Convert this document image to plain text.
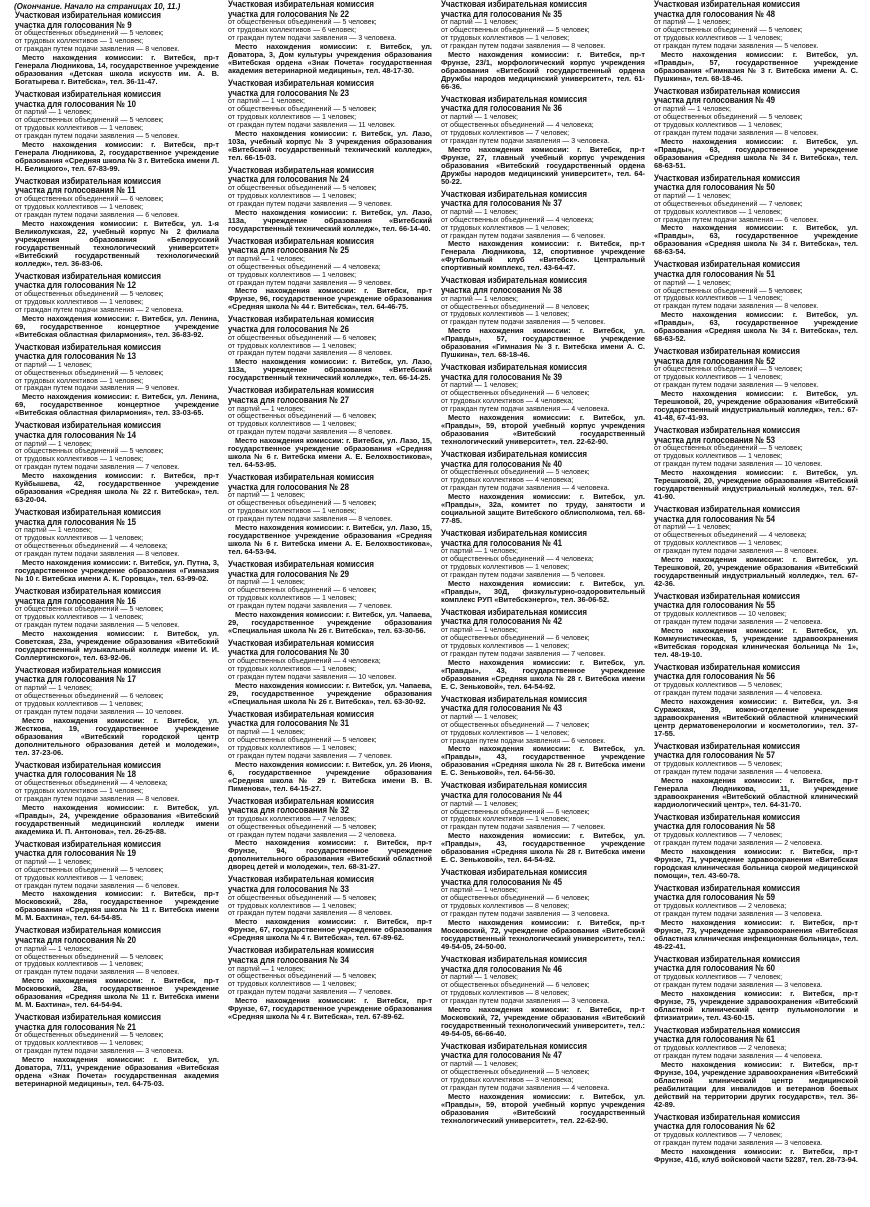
(Окончание. Начало на страницах 10, 11.)
Участковая избирательная комиссия
участка для голосования № 9
от общественных объединений — 5 человек;
от трудовых коллективов — 1 человек;
от граждан путем подачи заявления — 8 человек.
Место нахождения комиссии: г. Витебск, пр-т Генерала Людникова, 14, государственное учреждение образования «Детская школа искусств им. А. В. Богатырева г. Витебска», тел. 36-11-47.
Участковая избирательная комиссия
участка для голосования № 10
от партий — 1 человек;
от общественных объединений — 5 человек;
от трудовых коллективов — 1 человек;
от граждан путем подачи заявления — 5 человек.
Место нахождения комиссии: г. Витебск, пр-т Генерала Людникова, 2, государственное учреждение образования «Средняя школа № 3 г. Витебска имени Л. Н. Белицкого», тел. 67-83-99.
Участковая избирательная комиссия
участка для голосования № 11
от общественных объединений — 6 человек;
от трудовых коллективов — 1 человек;
от граждан путем подачи заявления — 6 человек.
Место нахождения комиссии: г. Витебск, ул. 1-я Великолукская, 22, учебный корпус № 2 филиала учреждения образования «Белорусский государственный технологический университет» «Витебский государственный технологический колледж», тел. 36-83-06.
Участковая избирательная комиссия
участка для голосования № 12
от общественных объединений — 5 человек;
от трудовых коллективов — 1 человек;
от граждан путем подачи заявления — 2 человека.
Место нахождения комиссии: г. Витебск, ул. Ленина, 69, государственное концертное учреждение «Витебская областная филармония», тел. 36-83-92.
Участковая избирательная комиссия
участка для голосования № 13
от партий — 1 человек;
от общественных объединений — 5 человек;
от трудовых коллективов — 1 человек;
от граждан путем подачи заявления — 9 человек.
Место нахождения комиссии: г. Витебск, ул. Ленина, 69, государственное концертное учреждение «Витебская областная филармония», тел. 33-03-65.
Участковая избирательная комиссия
участка для голосования № 14
от партий — 1 человек;
от общественных объединений — 5 человек;
от трудовых коллективов — 1 человек;
от граждан путем подачи заявления — 7 человек.
Место нахождения комиссии: г. Витебск, пр-т Куйбышева, 42, государственное учреждение образования «Средняя школа № 22 г. Витебска», тел. 63-20-04.
Участковая избирательная комиссия
участка для голосования № 15
от партий — 1 человек;
от трудовых коллективов — 1 человек;
от общественных объединений — 4 человека;
от граждан путем подачи заявления — 8 человек.
Место нахождения комиссии: г. Витебск, ул. Путна, 3, государственное учреждение образования «Гимназия № 10 г. Витебска имени А. К. Горовца», тел. 63-99-02.
Участковая избирательная комиссия
участка для голосования № 16
от общественных объединений — 5 человек;
от трудовых коллективов — 1 человек;
от граждан путем подачи заявления — 5 человек.
Место нахождения комиссии: г. Витебск, ул. Советская, 23а, учреждение образования «Витебский государственный музыкальный колледж имени И. И. Соллертинского», тел. 63-92-06.
Участковая избирательная комиссия
участка для голосования № 17
от партий — 1 человек;
от общественных объединений — 6 человек;
от трудовых коллективов — 1 человек;
от граждан путем подачи заявления — 10 человек.
Место нахождения комиссии: г. Витебск, ул. Жесткова, 19, государственное учреждение образования «Витебский городской центр дополнительного образования детей и молодежи», тел. 37-23-06.
Участковая избирательная комиссия
участка для голосования № 18
от общественных объединений — 4 человека;
от трудовых коллективов — 1 человек;
от граждан путем подачи заявления — 8 человек.
Место нахождения комиссии: г. Витебск, ул. «Правды», 24, учреждение образования «Витебский государственный медицинский колледж имени академика И. П. Антонова», тел. 26-25-88.
Участковая избирательная комиссия
участка для голосования № 19
от партий — 1 человек;
от общественных объединений — 5 человек;
от трудовых коллективов — 1 человек;
от граждан путем подачи заявления — 6 человек.
Место нахождения комиссии: г. Витебск, пр-т Московский, 28а, государственное учреждение образования «Средняя школа № 11 г. Витебска имени М. М. Бахтина», тел. 64-54-85.
Участковая избирательная комиссия
участка для голосования № 20
от партий — 1 человек;
от общественных объединений — 5 человек;
от трудовых коллективов — 1 человек;
от граждан путем подачи заявления — 8 человек.
Место нахождения комиссии: г. Витебск, пр-т Московский, 28а, государственное учреждение образования «Средняя школа № 11 г. Витебска имени М. М. Бахтина», тел. 64-54-94.
Участковая избирательная комиссия
участка для голосования № 21
от общественных объединений — 5 человек;
от трудовых коллективов — 1 человек;
от граждан путем подачи заявления — 3 человека.
Место нахождения комиссии: г. Витебск, ул. Доватора, 7/11, учреждение образования «Витебская ордена «Знак Почета» государственная академия ветеринарной медицины», тел. 64-75-03.
Участковая избирательная комиссия
участка для голосования № 22
от общественных объединений — 5 человек;
от трудовых коллективов — 6 человек;
от граждан путем подачи заявления — 3 человека.
Место нахождения комиссии: г. Витебск, ул. Доватора, 3, Дом культуры учреждения образования «Витебская ордена «Знак Почета» государственная академия ветеринарной медицины», тел. 48-17-30.
Участковая избирательная комиссия
участка для голосования № 23
от партий — 1 человек;
от общественных объединений — 5 человек;
от трудовых коллективов — 1 человек;
от граждан путем подачи заявления — 11 человек.
Место нахождения комиссии: г. Витебск, ул. Лазо, 103а, учебный корпус № 3 учреждения образования «Витебский государственный технический колледж», тел. 66-15-03.
Участковая избирательная комиссия
участка для голосования № 24
от общественных объединений — 5 человек;
от трудовых коллективов — 1 человек;
от граждан путем подачи заявления — 9 человек.
Место нахождения комиссии: г. Витебск, ул. Лазо, 113а, учреждение образования «Витебский государственный технический колледж», тел. 66-14-40.
Участковая избирательная комиссия
участка для голосования № 25
от партий — 1 человек;
от общественных объединений — 4 человека;
от трудовых коллективов — 1 человек;
от граждан путем подачи заявления — 9 человек.
Место нахождения комиссии: г. Витебск, пр-т Фрунзе, 96, государственное учреждение образования «Средняя школа № 44 г. Витебска», тел. 64-46-75.
Участковая избирательная комиссия
участка для голосования № 26
от общественных объединений — 6 человек;
от трудовых коллективов — 1 человек;
от граждан путем подачи заявления — 8 человек.
Место нахождения комиссии: г. Витебск, ул. Лазо, 113а, учреждение образования «Витебский государственный технический колледж», тел. 66-14-25.
Участковая избирательная комиссия
участка для голосования № 27
от партий — 1 человек;
от общественных объединений — 6 человек;
от трудовых коллективов — 1 человек;
от граждан путем подачи заявления — 8 человек.
Место нахождения комиссии: г. Витебск, ул. Лазо, 15, государственное учреждение образования «Средняя школа № 6 г. Витебска имени А. Е. Белохвостикова», тел. 64-53-95.
Участковая избирательная комиссия
участка для голосования № 28
от партий — 1 человек;
от общественных объединений — 5 человек;
от трудовых коллективов — 1 человек;
от граждан путем подачи заявления — 8 человек.
Место нахождения комиссии: г. Витебск, ул. Лазо, 15, государственное учреждение образования «Средняя школа № 6 г. Витебска имени А. Е. Белохвостикова», тел. 64-53-94.
Участковая избирательная комиссия
участка для голосования № 29
от партий — 1 человек;
от общественных объединений — 6 человек;
от трудовых коллективов — 1 человек;
от граждан путем подачи заявления — 7 человек.
Место нахождения комиссии: г. Витебск, ул. Чапаева, 29, государственное учреждение образования «Специальная школа № 26 г. Витебска», тел. 63-30-56.
Участковая избирательная комиссия
участка для голосования № 30
от общественных объединений — 4 человека;
от трудовых коллективов — 1 человек;
от граждан путем подачи заявления — 10 человек.
Место нахождения комиссии: г. Витебск, ул. Чапаева, 29, государственное учреждение образования «Специальная школа № 26 г. Витебска», тел. 63-30-92.
Участковая избирательная комиссия
участка для голосования № 31
от партий — 1 человек;
от общественных объединений — 5 человек;
от трудовых коллективов — 1 человек;
от граждан путем подачи заявления — 7 человек.
Место нахождения комиссии: г. Витебск, ул. 26 Июня, 6, государственное учреждение образования «Средняя школа № 29 г. Витебска имени В. В. Пименова», тел. 64-15-27.
Участковая избирательная комиссия
участка для голосования № 32
от трудовых коллективов — 7 человек;
от общественных объединений — 5 человек;
от граждан путем подачи заявления — 2 человека.
Место нахождения комиссии: г. Витебск, пр-т Фрунзе, 94, государственное учреждение дополнительного образования «Витебский областной дворец детей и молодежи», тел. 68-31-27.
Участковая избирательная комиссия
участка для голосования № 33
от общественных объединений — 5 человек;
от трудовых коллективов — 1 человек;
от граждан путем подачи заявления — 8 человек.
Место нахождения комиссии: г. Витебск, пр-т Фрунзе, 67, государственное учреждение образования «Средняя школа № 4 г. Витебска», тел. 67-89-62.
Участковая избирательная комиссия
участка для голосования № 34
от партий — 1 человек;
от общественных объединений — 5 человек;
от трудовых коллективов — 1 человек;
от граждан путем подачи заявления — 7 человек.
Место нахождения комиссии: г. Витебск, пр-т Фрунзе, 67, государственное учреждение образования «Средняя школа № 4 г. Витебска», тел. 67-89-62.
Участковая избирательная комиссия
участка для голосования № 35
от партий — 1 человек;
от общественных объединений — 5 человек;
от трудовых коллективов — 1 человек;
от граждан путем подачи заявления — 8 человек.
Место нахождения комиссии: г. Витебск, пр-т Фрунзе, 23/1, морфологический корпус учреждения образования «Витебский государственный ордена Дружбы народов медицинский университет», тел. 61-66-36.
Участковая избирательная комиссия
участка для голосования № 36
от партий — 1 человек;
от общественных объединений — 4 человека;
от трудовых коллективов — 7 человек;
от граждан путем подачи заявления — 3 человека.
Место нахождения комиссии: г. Витебск, пр-т Фрунзе, 27, главный учебный корпус учреждения образования «Витебский государственный ордена Дружбы народов медицинский университет», тел. 64-50-22.
Участковая избирательная комиссия
участка для голосования № 37
от партий — 1 человек;
от общественных объединений — 4 человека;
от трудовых коллективов — 1 человек;
от граждан путем подачи заявления — 6 человек.
Место нахождения комиссии: г. Витебск, пр-т Генерала Людникова, 12, спортивное учреждение «Футбольный клуб «Витебск». Центральный спортивный комплекс, тел. 43-64-47.
Участковая избирательная комиссия
участка для голосования № 38
от партий — 1 человек;
от общественных объединений — 8 человек;
от трудовых коллективов — 1 человек;
от граждан путем подачи заявления — 5 человек.
Место нахождения комиссии: г. Витебск, ул. «Правды», 57, государственное учреждение образования «Гимназия № 3 г. Витебска имени А. С. Пушкина», тел. 68-18-46.
Участковая избирательная комиссия
участка для голосования № 39
от партий — 1 человек;
от общественных объединений — 6 человек;
от трудовых коллективов — 4 человека;
от граждан путем подачи заявления — 4 человека.
Место нахождения комиссии: г. Витебск, ул. «Правды», 59, второй учебный корпус учреждения образования «Витебский государственный технологический университет», тел. 22-62-90.
Участковая избирательная комиссия
участка для голосования № 40
от общественных объединений — 5 человек;
от трудовых коллективов — 4 человека;
от граждан путем подачи заявления — 4 человека.
Место нахождения комиссии: г. Витебск, ул. «Правды», 32а, комитет по труду, занятости и социальной защите Витебского облисполкома, тел. 68-77-85.
Участковая избирательная комиссия
участка для голосования № 41
от партий — 1 человек;
от общественных объединений — 4 человека;
от трудовых коллективов — 1 человек;
от граждан путем подачи заявления — 5 человек.
Место нахождения комиссии: г. Витебск, ул. «Правды», 30Д, физкультурно-оздоровительный комплекс РУП «Витебскэнерго», тел. 36-06-52.
Участковая избирательная комиссия
участка для голосования № 42
от партий — 1 человек;
от общественных объединений — 6 человек;
от трудовых коллективов — 1 человек;
от граждан путем подачи заявления — 7 человек.
Место нахождения комиссии: г. Витебск, ул. «Правды», 43, государственное учреждение образования «Средняя школа № 28 г. Витебска имени Е. С. Зеньковой», тел. 64-54-92.
Участковая избирательная комиссия
участка для голосования № 43
от партий — 1 человек;
от общественных объединений — 7 человек;
от трудовых коллективов — 1 человек;
от граждан путем подачи заявления — 6 человек.
Место нахождения комиссии: г. Витебск, ул. «Правды», 43, государственное учреждение образования «Средняя школа № 28 г. Витебска имени Е. С. Зеньковой», тел. 64-56-30.
Участковая избирательная комиссия
участка для голосования № 44
от партий — 1 человек;
от общественных объединений — 6 человек;
от трудовых коллективов — 1 человек;
от граждан путем подачи заявления — 7 человек.
Место нахождения комиссии: г. Витебск, ул. «Правды», 43, государственное учреждение образования «Средняя школа № 28 г. Витебска имени Е. С. Зеньковой», тел. 64-54-92.
Участковая избирательная комиссия
участка для голосования № 45
от партий — 1 человек;
от общественных объединений — 6 человек;
от трудовых коллективов — 8 человек;
от граждан путем подачи заявления — 3 человека.
Место нахождения комиссии: г. Витебск, пр-т Московский, 72, учреждение образования «Витебский государственный технологический университет», тел.: 49-54-05, 24-50-00.
Участковая избирательная комиссия
участка для голосования № 46
от партий — 1 человек;
от общественных объединений — 6 человек;
от трудовых коллективов — 8 человек;
от граждан путем подачи заявления — 3 человека.
Место нахождения комиссии: г. Витебск, пр-т Московский, 72, учреждение образования «Витебский государственный технологический университет», тел.: 49-54-05, 66-66-40.
Участковая избирательная комиссия
участка для голосования № 47
от партий — 1 человек;
от общественных объединений — 5 человек;
от трудовых коллективов — 3 человека;
от граждан путем подачи заявления — 4 человека.
Место нахождения комиссии: г. Витебск, ул. «Правды», 59, второй учебный корпус учреждения образования «Витебский государственный технологический университет», тел. 22-62-90.
Участковая избирательная комиссия
участка для голосования № 48
от партий — 1 человек;
от общественных объединений — 5 человек;
от трудовых коллективов — 1 человек;
от граждан путем подачи заявления — 5 человек.
Место нахождения комиссии: г. Витебск, ул. «Правды», 57, государственное учреждение образования «Гимназия № 3 г. Витебска имени А. С. Пушкина», тел. 68-18-46.
Участковая избирательная комиссия
участка для голосования № 49
от партий — 1 человек;
от общественных объединений — 5 человек;
от трудовых коллективов — 1 человек;
от граждан путем подачи заявления — 8 человек.
Место нахождения комиссии: г. Витебск, ул. «Правды», 63, государственное учреждение образования «Средняя школа № 34 г. Витебска», тел. 68-63-51.
Участковая избирательная комиссия
участка для голосования № 50
от партий — 1 человек;
от общественных объединений — 7 человек;
от трудовых коллективов — 1 человек;
от граждан путем подачи заявления — 6 человек.
Место нахождения комиссии: г. Витебск, ул. «Правды», 63, государственное учреждение образования «Средняя школа № 34 г. Витебска», тел. 68-63-54.
Участковая избирательная комиссия
участка для голосования № 51
от партий — 1 человек;
от общественных объединений — 5 человек;
от трудовых коллективов — 1 человек;
от граждан путем подачи заявления — 8 человек.
Место нахождения комиссии: г. Витебск, ул. «Правды», 63, государственное учреждение образования «Средняя школа № 34 г. Витебска», тел. 68-63-52.
Участковая избирательная комиссия
участка для голосования № 52
от общественных объединений — 5 человек;
от трудовых коллективов — 1 человек;
от граждан путем подачи заявления — 9 человек.
Место нахождения комиссии: г. Витебск, ул. Терешковой, 20, учреждение образования «Витебский государственный индустриальный колледж», тел.: 67-41-48, 67-41-93.
Участковая избирательная комиссия
участка для голосования № 53
от общественных объединений — 5 человек;
от трудовых коллективов — 1 человек;
от граждан путем подачи заявления — 10 человек.
Место нахождения комиссии: г. Витебск, ул. Терешковой, 20, учреждение образования «Витебский государственный индустриальный колледж», тел. 67-41-90.
Участковая избирательная комиссия
участка для голосования № 54
от партий — 1 человек;
от общественных объединений — 4 человека;
от трудовых коллективов — 1 человек;
от граждан путем подачи заявления — 8 человек.
Место нахождения комиссии: г. Витебск, ул. Терешковой, 20, учреждение образования «Витебский государственный индустриальный колледж», тел. 67-42-36.
Участковая избирательная комиссия
участка для голосования № 55
от трудовых коллективов — 10 человек;
от граждан путем подачи заявления — 2 человека.
Место нахождения комиссии: г. Витебск, ул. Коммунистическая, 5, учреждение здравоохранения «Витебская городская клиническая больница № 1», тел. 48-19-10.
Участковая избирательная комиссия
участка для голосования № 56
от трудовых коллективов — 5 человек;
от граждан путем подачи заявления — 4 человека.
Место нахождения комиссии: г. Витебск, ул. 3-я Суражская, 39, кожно-отделение учреждения здравоохранения «Витебский областной клинический центр дерматовенерологии и косметологии», тел. 37-17-55.
Участковая избирательная комиссия
участка для голосования № 57
от трудовых коллективов — 5 человек;
от граждан путем подачи заявления — 4 человека.
Место нахождения комиссии: г. Витебск, пр-т Генерала Людникова, 11, учреждение здравоохранения «Витебский областной клинический кардиологический центр», тел. 64-31-70.
Участковая избирательная комиссия
участка для голосования № 58
от трудовых коллективов — 7 человек;
от граждан путем подачи заявления — 2 человека.
Место нахождения комиссии: г. Витебск, пр-т Фрунзе, 71, учреждение здравоохранения «Витебская городская клиническая больница скорой медицинской помощи», тел. 43-60-78.
Участковая избирательная комиссия
участка для голосования № 59
от трудовых коллективов — 2 человека;
от граждан путем подачи заявления — 3 человека.
Место нахождения комиссии: г. Витебск, пр-т Фрунзе, 73, учреждение здравоохранения «Витебская областная клиническая инфекционная больница», тел. 48-22-41.
Участковая избирательная комиссия
участка для голосования № 60
от трудовых коллективов — 7 человек;
от граждан путем подачи заявления — 3 человека.
Место нахождения комиссии: г. Витебск, пр-т Фрунзе, 75, учреждение здравоохранения «Витебский областной клинический центр пульмонологии и фтизиатрии», тел. 43-60-15.
Участковая избирательная комиссия
участка для голосования № 61
от трудовых коллективов — 2 человека;
от граждан путем подачи заявления — 4 человека.
Место нахождения комиссии: г. Витебск, пр-т Фрунзе, 104, учреждение здравоохранения «Витебский областной клинический центр медицинской реабилитации для инвалидов и ветеранов боевых действий на территории других государств», тел. 36-42-89.
Участковая избирательная комиссия
участка для голосования № 62
от трудовых коллективов — 7 человек;
от граждан путем подачи заявления — 3 человека.
Место нахождения комиссии: г. Витебск, пр-т Фрунзе, 41б, клуб войсковой части 52287, тел. 28-73-94.
